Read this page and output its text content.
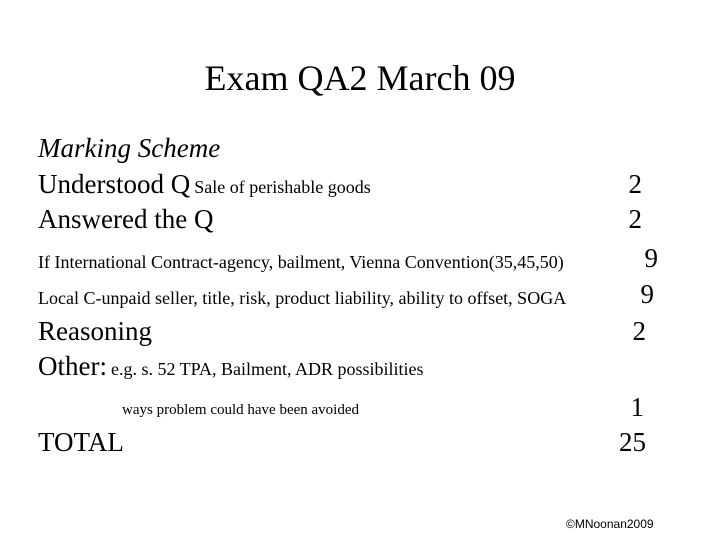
Exam QA2 March 09
Marking Scheme
Understood Q Sale of perishable goods	2
Answered the Q	2
If International Contract-agency, bailment, Vienna Convention(35,45,50)	9
Local C-unpaid seller, title, risk, product liability, ability to offset, SOGA	9
Reasoning	2
Other: e.g. s. 52 TPA, Bailment, ADR possibilities
ways problem could have been avoided	1
TOTAL	25
©MNoonan2009
